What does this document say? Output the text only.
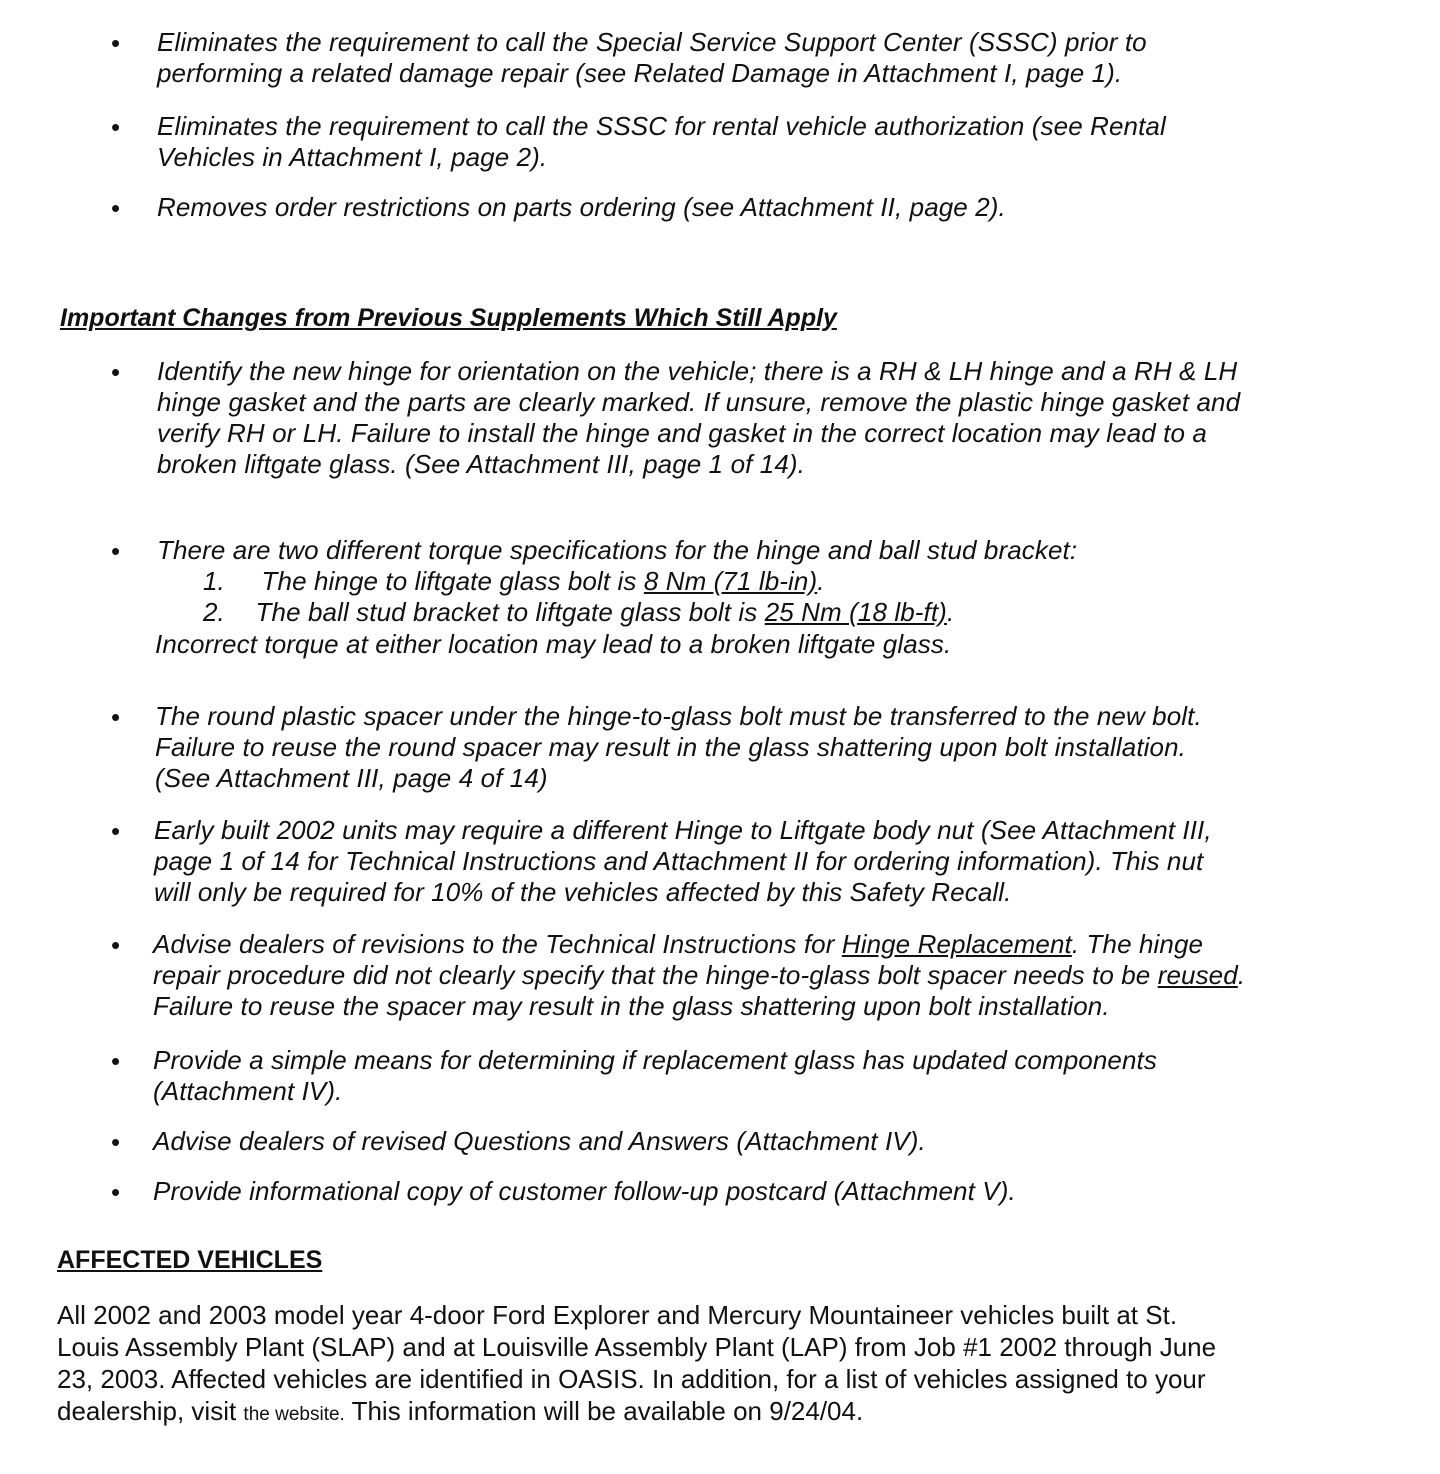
•
Eliminates the requirement to call the Special Service Support Center (SSSC) prior to
performing a related damage repair (see Related Damage in Attachment I, page 1).
•
Eliminates the requirement to call the SSSC for rental vehicle authorization (see Rental
Vehicles in Attachment I, page 2).
•
Removes order restrictions on parts ordering (see Attachment II, page 2).
Important Changes from Previous Supplements Which Still Apply
•
Identify the new hinge for orientation on the vehicle; there is a RH & LH hinge and a RH & LH
hinge gasket and the parts are clearly marked. If unsure, remove the plastic hinge gasket and
verify RH or LH. Failure to install the hinge and gasket in the correct location may lead to a
broken liftgate glass. (See Attachment III, page 1 of 14).
•
There are two different torque specifications for the hinge and ball stud bracket:
1. The hinge to liftgate glass bolt is 8 Nm (71 lb-in).
2. The ball stud bracket to liftgate glass bolt is 25 Nm (18 lb-ft).
Incorrect torque at either location may lead to a broken liftgate glass.
•
The round plastic spacer under the hinge-to-glass bolt must be transferred to the new bolt.
Failure to reuse the round spacer may result in the glass shattering upon bolt installation.
(See Attachment III, page 4 of 14)
•
Early built 2002 units may require a different Hinge to Liftgate body nut (See Attachment III,
page 1 of 14 for Technical Instructions and Attachment II for ordering information). This nut
will only be required for 10% of the vehicles affected by this Safety Recall.
•
Advise dealers of revisions to the Technical Instructions for Hinge Replacement. The hinge
repair procedure did not clearly specify that the hinge-to-glass bolt spacer needs to be reused.
Failure to reuse the spacer may result in the glass shattering upon bolt installation.
•
Provide a simple means for determining if replacement glass has updated components
(Attachment IV).
•
Advise dealers of revised Questions and Answers (Attachment IV).
•
Provide informational copy of customer follow-up postcard (Attachment V).
AFFECTED VEHICLES
All 2002 and 2003 model year 4-door Ford Explorer and Mercury Mountaineer vehicles built at St.
Louis Assembly Plant (SLAP) and at Louisville Assembly Plant (LAP) from Job #1 2002 through June
23, 2003. Affected vehicles are identified in OASIS. In addition, for a list of vehicles assigned to your
dealership, visit the website. This information will be available on 9/24/04.
